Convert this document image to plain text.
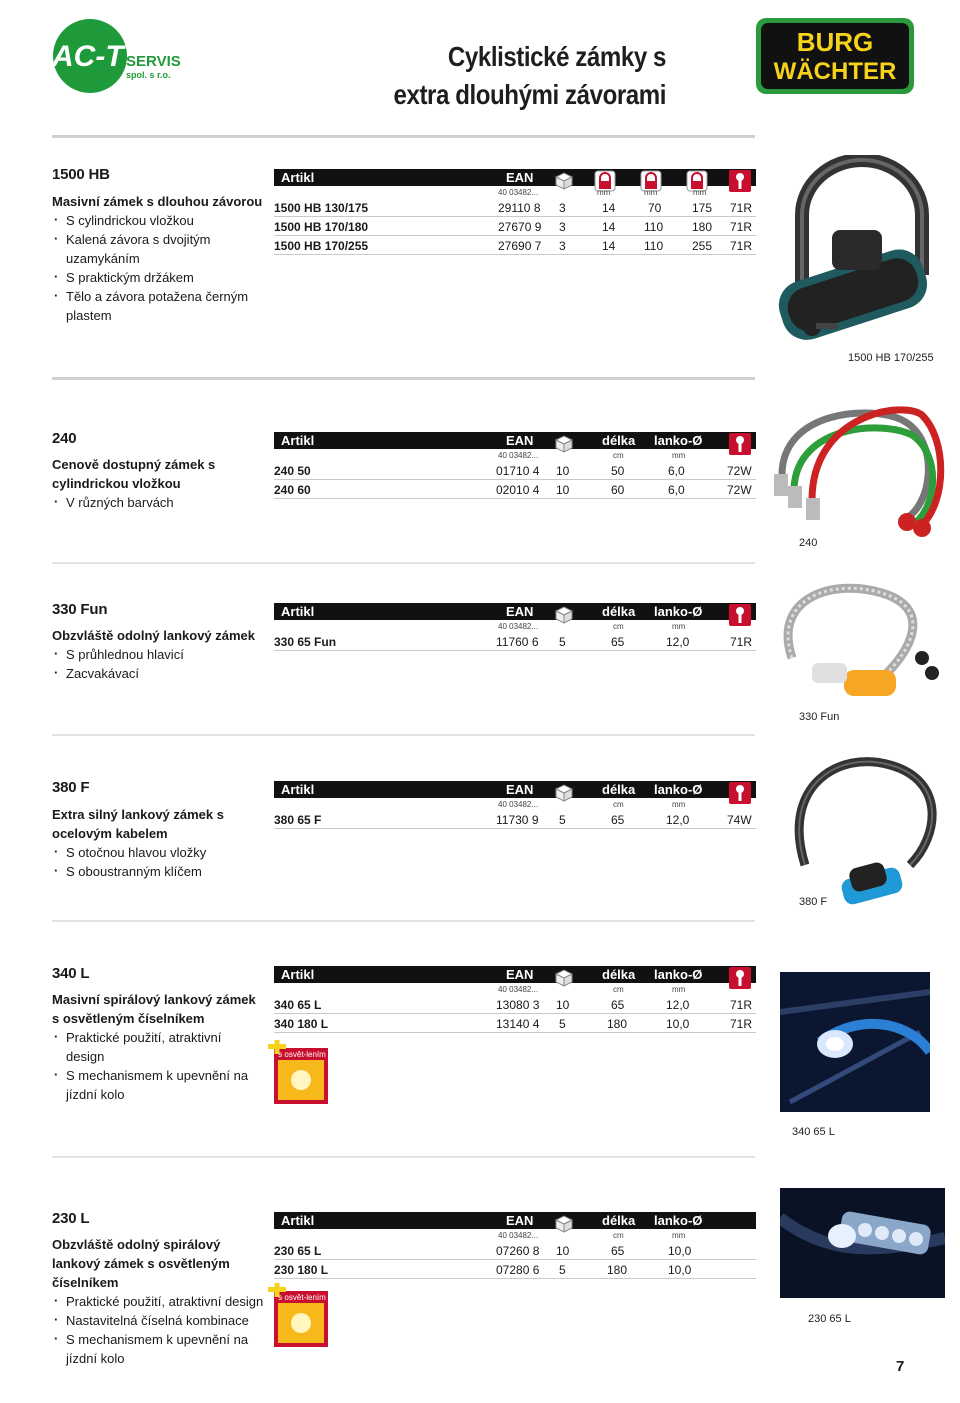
AC-T SERVIS
spol. s r.o.
Cyklistické zámky s
extra dlouhými závorami
BURG
WÄCHTER
1500 HB
Masivní zámek s dlouhou závorou
· S cylindrickou vložkou
· Kalená závora s dvojitým uzamykáním
· S praktickým držákem
· Tělo a závora potažena černým plastem
Artikl	EAN
40 03482...	mm	mm	mm
1500 HB 130/175	29110 8 3	14	70	175 71R
1500 HB 170/180	27670 9 3	14 110 180 71R
1500 HB 170/255	27690 7 3	14 110 255 71R
1500 HB 170/255
240
Cenově dostupný zámek s cylindrickou vložkou
· V různých barvách
Artikl	EAN	délka lanko-Ø
40 03482...	cm	mm
240 50	01710 4 10	50	6,0	72W
240 60	02010 4 10	60	6,0	72W
240
330 Fun
Obzvláště odolný lankový zámek
· S průhlednou hlavicí
· Zacvakávací
Artikl	EAN	délka lanko-Ø
40 03482...	cm	mm
330 65 Fun	11760 6 5	65	12,0	71R
330 Fun
380 F
Extra silný lankový zámek s ocelovým kabelem
· S otočnou hlavou vložky
· S oboustranným klíčem
Artikl	EAN	délka lanko-Ø
40 03482...	cm	mm
380 65 F	11730 9 5	65	12,0	74W
380 F
340 L
Masivní spirálový lankový zámek s osvětleným číselníkem
· Praktické použití, atraktivní design
· S mechanismem k upevnění na jízdní kolo
Artikl	EAN	délka lanko-Ø
40 03482...	cm	mm
340 65 L	13080 3 10	65	12,0	71R
340 180 L	13140 4 5	180	10,0	71R
s osvět-lením
340 65 L
230 L
Obzvláště odolný spirálový lankový zámek s osvětleným číselníkem
· Praktické použití, atraktivní design
· Nastavitelná číselná kombinace
· S mechanismem k upevnění na jízdní kolo
Artikl	EAN	délka lanko-Ø
40 03482...	cm	mm
230 65 L	07260 8 10	65	10,0
230 180 L	07280 6 5	180	10,0
s osvět-lením
230 65 L
7
